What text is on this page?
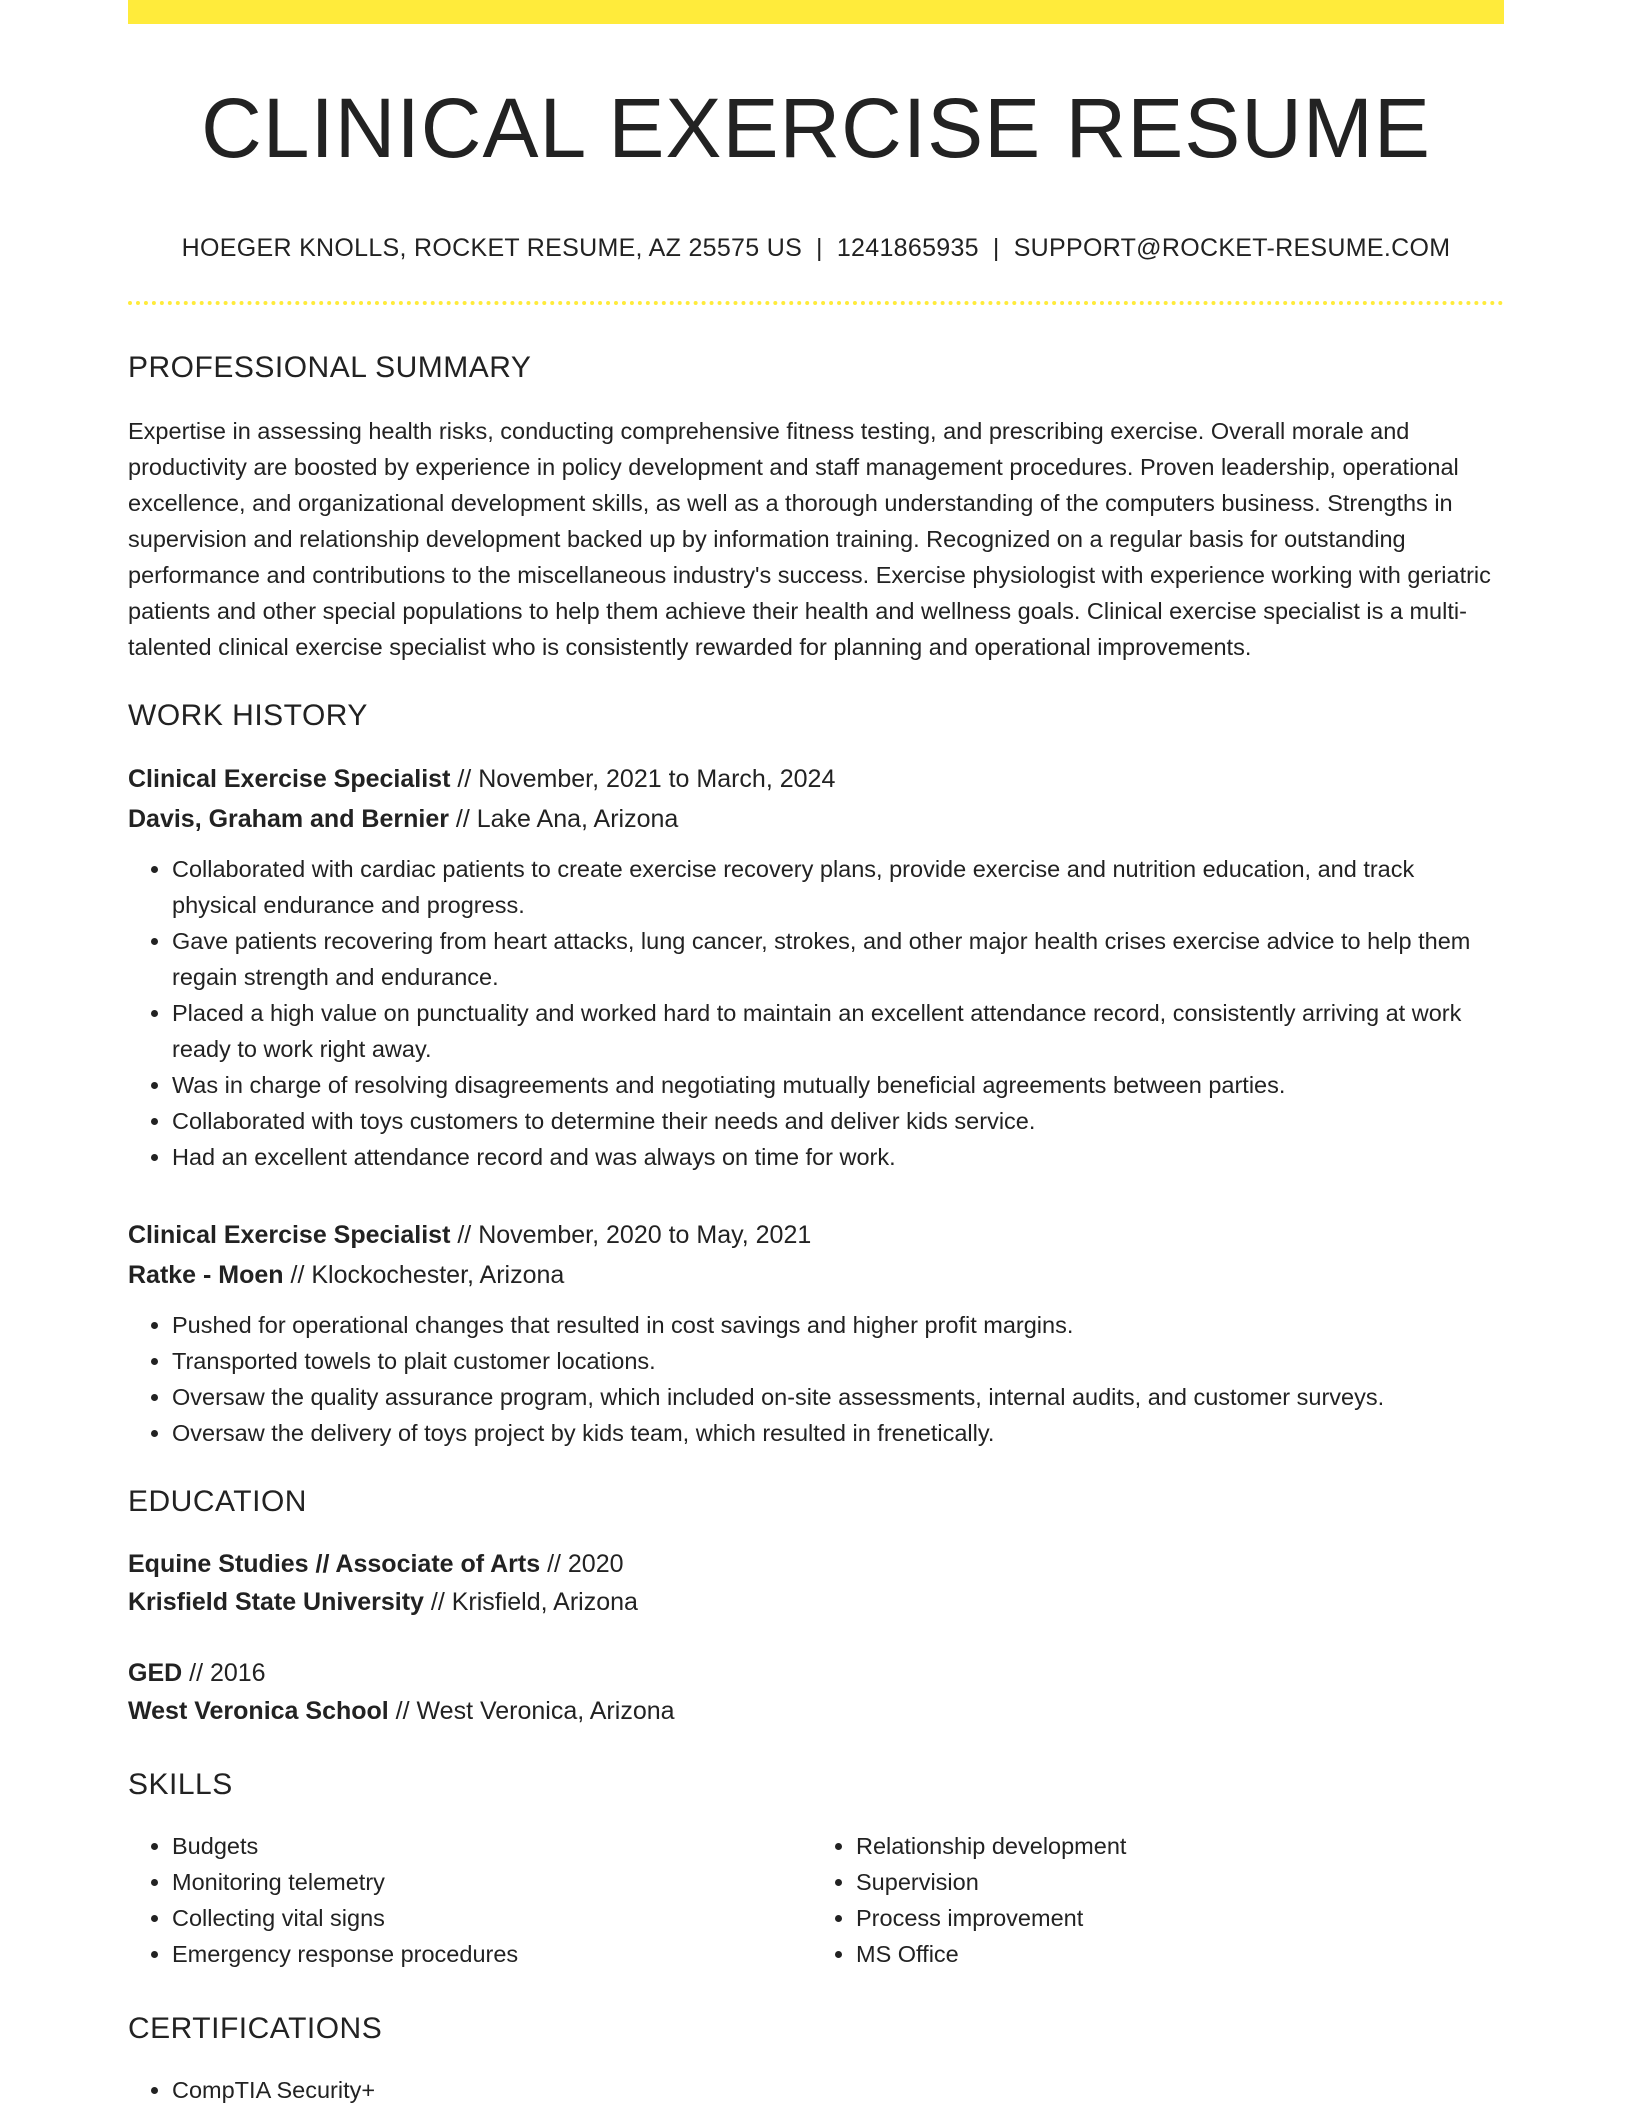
CLINICAL EXERCISE RESUME
HOEGER KNOLLS, ROCKET RESUME, AZ 25575 US | 1241865935 | SUPPORT@ROCKET-RESUME.COM
PROFESSIONAL SUMMARY

Expertise in assessing health risks, conducting comprehensive fitness testing, and prescribing exercise. Overall morale and productivity are boosted by experience in policy development and staff management procedures. Proven leadership, operational excellence, and organizational development skills, as well as a thorough understanding of the computers business. Strengths in supervision and relationship development backed up by information training. Recognized on a regular basis for outstanding performance and contributions to the miscellaneous industry's success. Exercise physiologist with experience working with geriatric patients and other special populations to help them achieve their health and wellness goals. Clinical exercise specialist is a multi-talented clinical exercise specialist who is consistently rewarded for planning and operational improvements.

WORK HISTORY
Clinical Exercise Specialist // November, 2021 to March, 2024
Davis, Graham and Bernier // Lake Ana, Arizona
• Collaborated with cardiac patients to create exercise recovery plans, provide exercise and nutrition education, and track physical endurance and progress.
• Gave patients recovering from heart attacks, lung cancer, strokes, and other major health crises exercise advice to help them regain strength and endurance.
• Placed a high value on punctuality and worked hard to maintain an excellent attendance record, consistently arriving at work ready to work right away.
• Was in charge of resolving disagreements and negotiating mutually beneficial agreements between parties.
• Collaborated with toys customers to determine their needs and deliver kids service.
• Had an excellent attendance record and was always on time for work.
Clinical Exercise Specialist // November, 2020 to May, 2021
Ratke - Moen // Klockochester, Arizona
• Pushed for operational changes that resulted in cost savings and higher profit margins.
• Transported towels to plait customer locations.
• Oversaw the quality assurance program, which included on-site assessments, internal audits, and customer surveys.
• Oversaw the delivery of toys project by kids team, which resulted in frenetically.
EDUCATION
Equine Studies // Associate of Arts // 2020
Krisfield State University // Krisfield, Arizona
GED // 2016
West Veronica School // West Veronica, Arizona
SKILLS
• Budgets
• Monitoring telemetry
• Collecting vital signs
• Emergency response procedures
• Relationship development
• Supervision
• Process improvement
• MS Office
CERTIFICATIONS
• CompTIA Security+
